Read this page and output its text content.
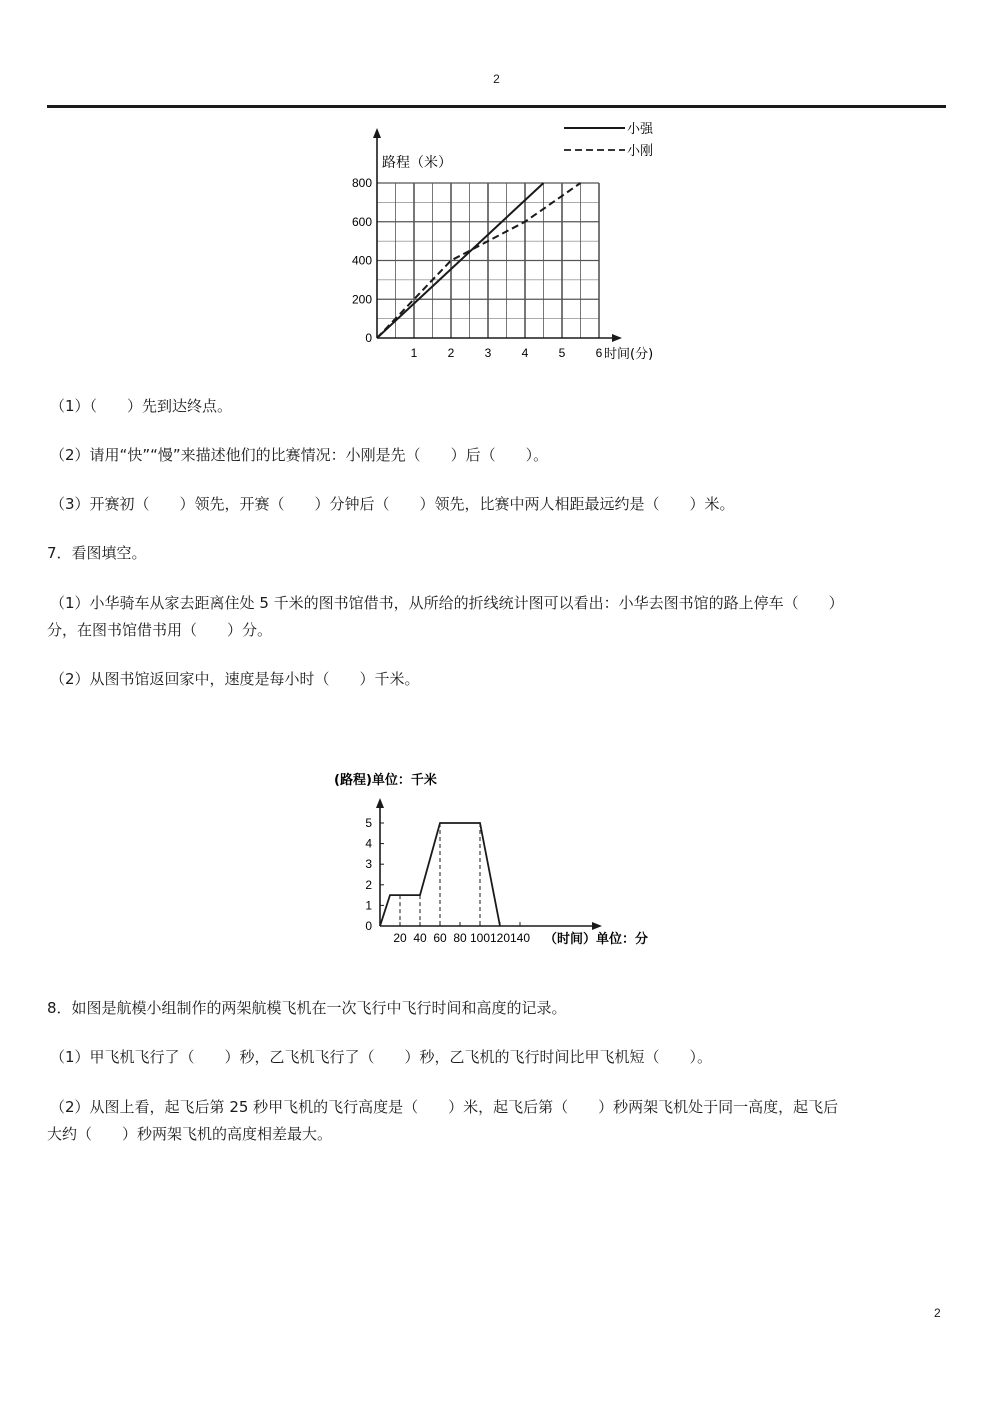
2
0
200
400
600
800
1	2	3	4	5	6
路程（米）
时间(分)
小强
小刚
（1）（　　）先到达终点。
（2）请用“快”“慢”来描述他们的比赛情况：小刚是先（　　）后（　　）。
（3）开赛初（　　）领先，开赛（　　）分钟后（　　）领先，比赛中两人相距最远约是（　　）米。
7．看图填空。
（1）小华骑车从家去距离住处 5 千米的图书馆借书，从所给的折线统计图可以看出：小华去图书馆的路上停车（　　）
分，在图书馆借书用（　　）分。
（2）从图书馆返回家中，速度是每小时（　　）千米。
0
1
2
3
4
5
20 40 60 80 100 120 140
(路程)单位：千米
（时间）单位：分
8．如图是航模小组制作的两架航模飞机在一次飞行中飞行时间和高度的记录。
（1）甲飞机飞行了（　　）秒，乙飞机飞行了（　　）秒，乙飞机的飞行时间比甲飞机短（　　）。
（2）从图上看，起飞后第 25 秒甲飞机的飞行高度是（　　）米，起飞后第（　　）秒两架飞机处于同一高度，起飞后
大约（　　）秒两架飞机的高度相差最大。
2
